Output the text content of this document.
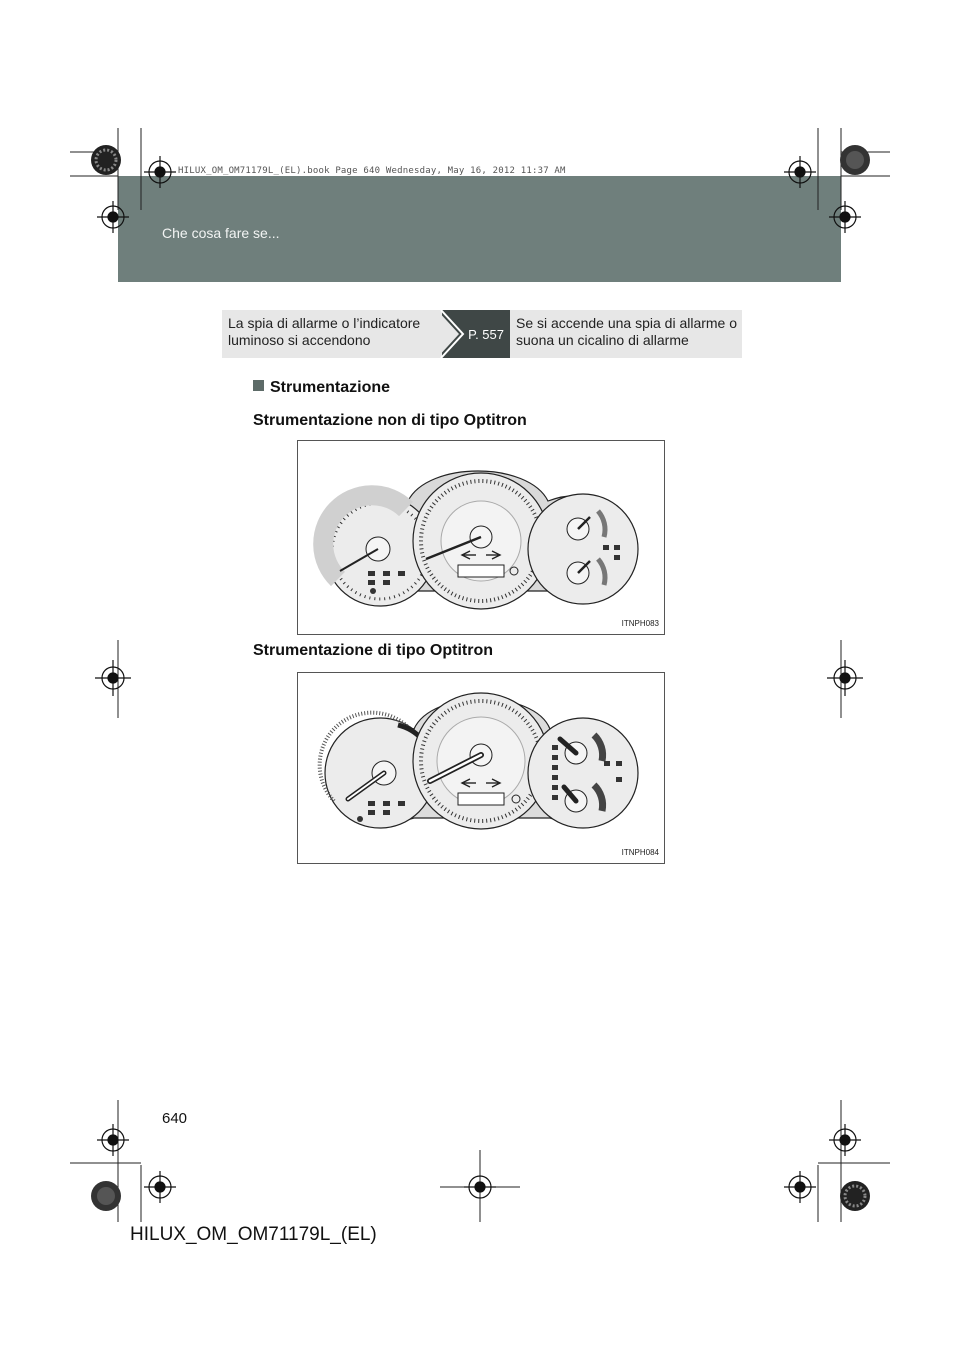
Che cosa fare se...
HILUX_OM_OM71179L_(EL).book Page 640 Wednesday, May 16, 2012 11:37 AM
La spia di allarme o l’indicatore luminoso si accendono	P. 557
Se si accende una spia di allarme o suona un cicalino di allarme
Strumentazione
Strumentazione non di tipo Optitron
ITNPH083
Strumentazione di tipo Optitron
ITNPH084
640
HILUX_OM_OM71179L_(EL)
